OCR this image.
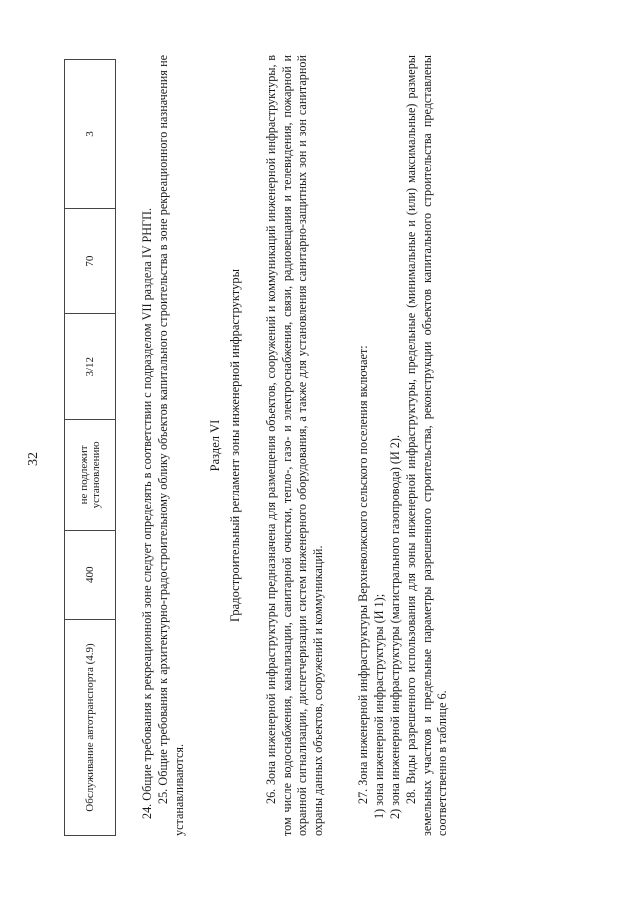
32
Обслуживание автотранспорта (4.9)	400	не подлежит установлению	3/12	70	3
24. Общие требования к рекреационной зоне следует определять в соответствии с подразделом VII раздела IV РНГП. 25. Общие требования к архитектурно-градостроительному облику объектов капитального строительства в зоне рекреационного назначения не устанавливаются.
Раздел VI Градостроительный регламент зоны инженерной инфраструктуры 26. Зона инженерной инфраструктуры предназначена для размещения объектов, сооружений и коммуникаций инженерной инфраструктуры, в том числе водоснабжения, канализации, санитарной очистки, тепло-, газо- и электроснабжения, связи, радиовещания и телевидения, пожарной и охранной сигнализации, диспетчеризации систем инженерного оборудования, а также для установления санитарно-защитных зон и зон санитарной охраны данных объектов, сооружений и коммуникаций.	27. Зона инженерной инфраструктуры Верхневолжского сельского поселения включает: 1) зона инженерной инфраструктуры (И 1); 2) зона инженерной инфраструктуры (магистрального газопровода) (И 2). 28. Виды разрешенного использования для зоны инженерной инфраструктуры, предельные (минимальные и (или) максимальные) размеры земельных участков и предельные параметры разрешенного строительства, реконструкции объектов капитального строительства представлены соответственно в таблице 6.
